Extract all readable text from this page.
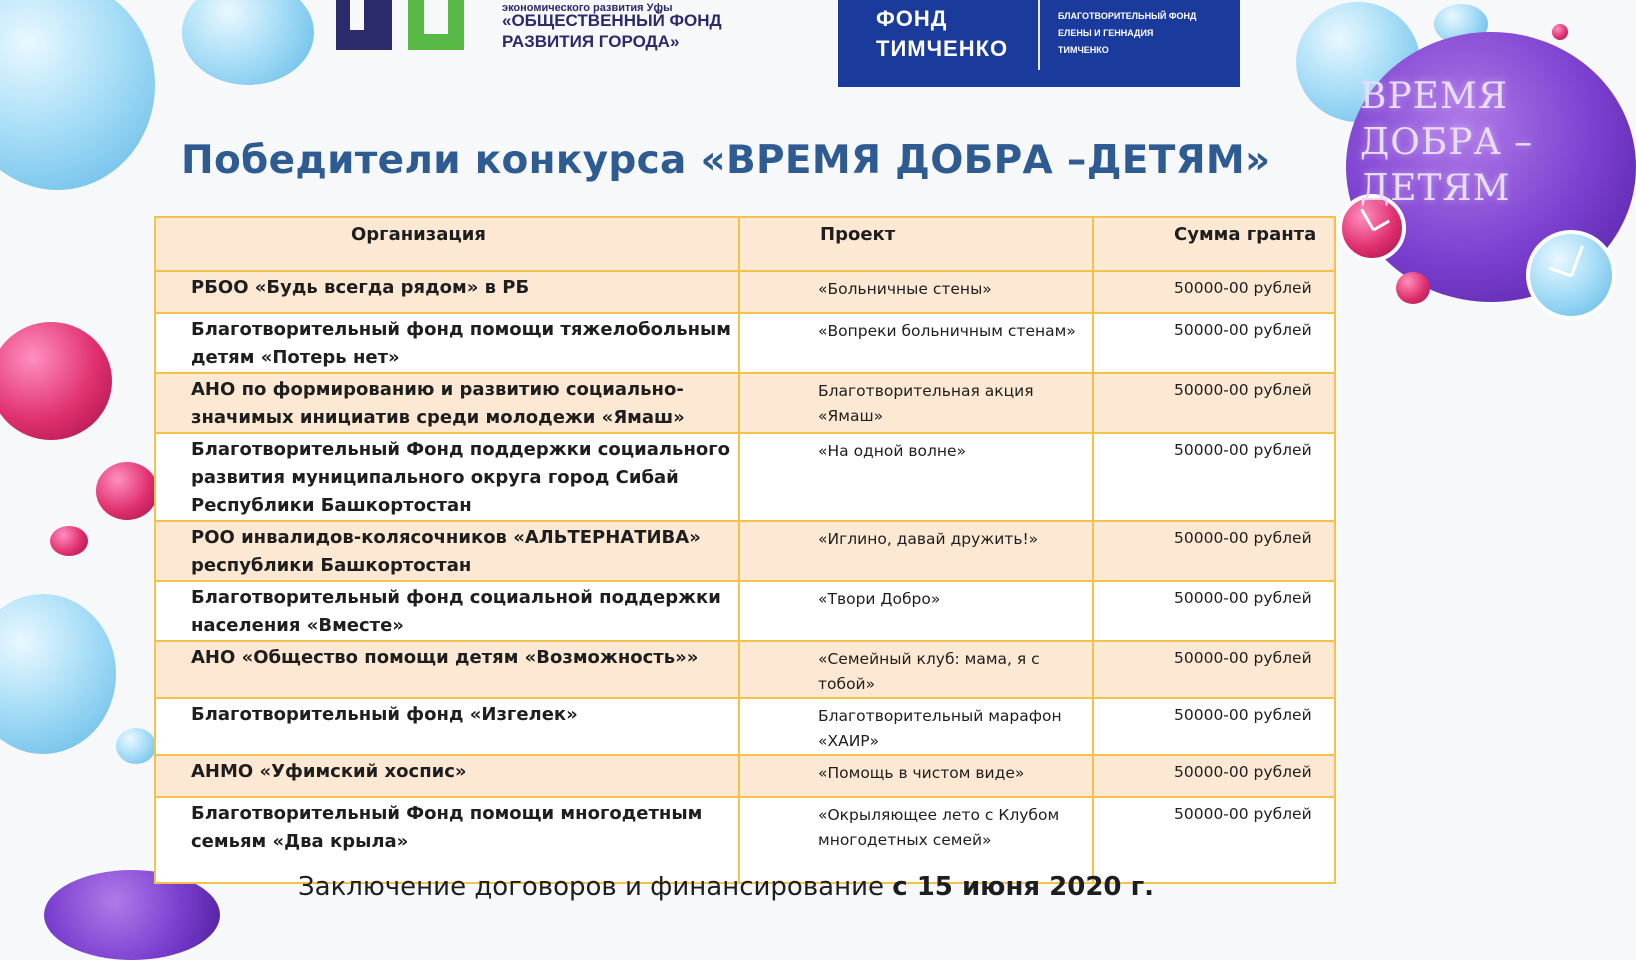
экономического развития Уфы
«ОБЩЕСТВЕННЫЙ ФОНД
РАЗВИТИЯ ГОРОДА»
ФОНД
ТИМЧЕНКО
БЛАГОТВОРИТЕЛЬНЫЙ ФОНД
ЕЛЕНЫ И ГЕННАДИЯ
ТИМЧЕНКО
ВРЕМЯ
ДОБРА –
ДЕТЯМ
Победители конкурса «ВРЕМЯ ДОБРА –ДЕТЯМ»
Организация	Проект	Сумма гранта
РБОО «Будь всегда рядом» в РБ	«Больничные стены»	50000-00 рублей
Благотворительный фонд помощи тяжелобольным детям «Потерь нет»	«Вопреки больничным стенам»	50000-00 рублей
АНО по формированию и развитию социально-значимых инициатив среди молодежи «Ямаш»	Благотворительная акция «Ямаш»	50000-00 рублей
Благотворительный Фонд поддержки социального развития муниципального округа город Сибай Республики Башкортостан	«На одной волне»	50000-00 рублей
РОО инвалидов-колясочников «АЛЬТЕРНАТИВА» республики Башкортостан	«Иглино, давай дружить!»	50000-00 рублей
Благотворительный фонд социальной поддержки населения «Вместе»	«Твори Добро»	50000-00 рублей
АНО «Общество помощи детям «Возможность»»	«Семейный клуб: мама, я с тобой»	50000-00 рублей
Благотворительный фонд «Изгелек»	Благотворительный марафон «ХАИР»	50000-00 рублей
АНМО «Уфимский хоспис»	«Помощь в чистом виде»	50000-00 рублей
Благотворительный Фонд помощи многодетным семьям «Два крыла»	«Окрыляющее лето с Клубом многодетных семей»	50000-00 рублей
Заключение договоров и финансирование с 15 июня 2020 г.
